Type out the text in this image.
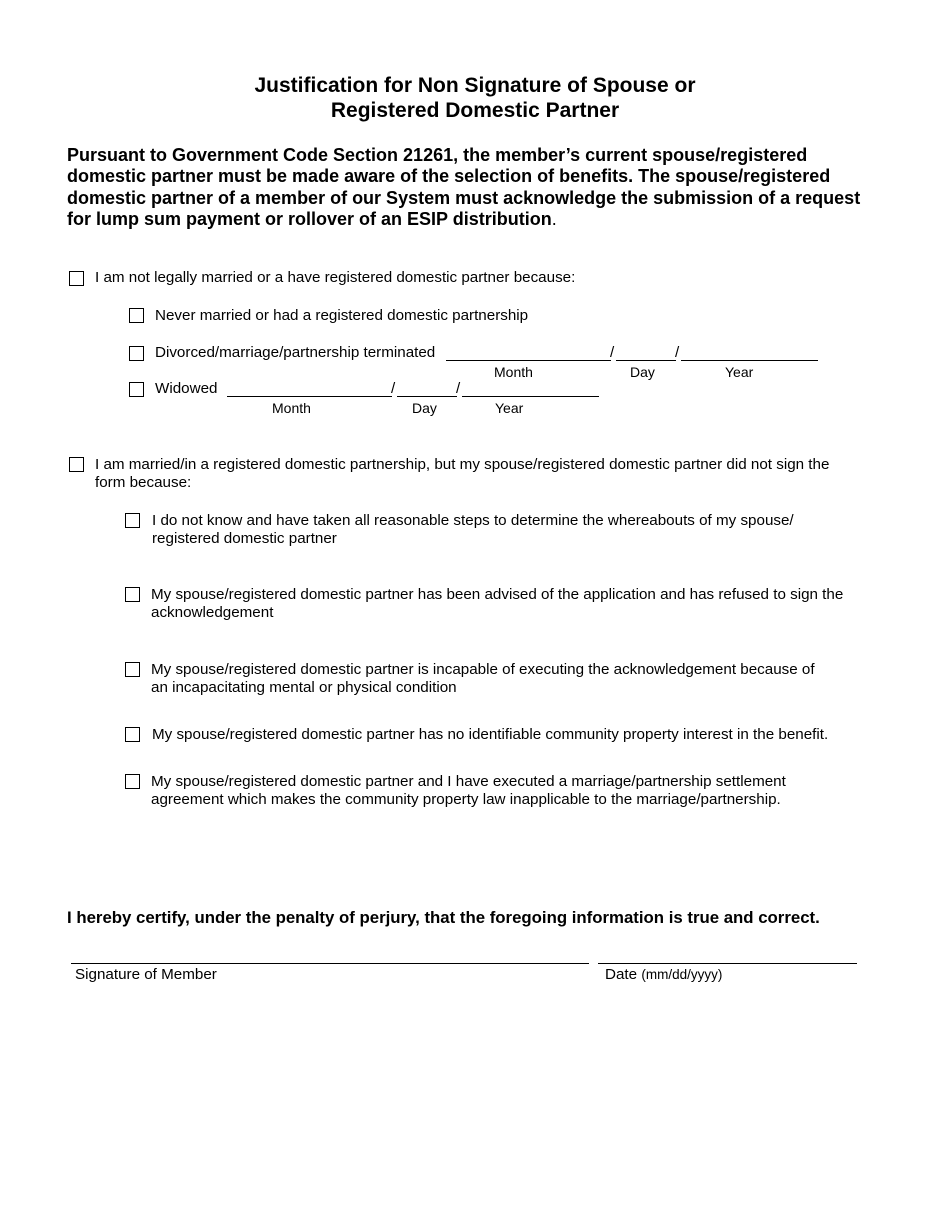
Justification for Non Signature of Spouse or
Registered Domestic Partner
Pursuant to Government Code Section 21261, the member’s current spouse/registered domestic partner must be made aware of the selection of benefits. The spouse/registered domestic partner of a member of our System must acknowledge the submission of a request for lump sum payment or rollover of an ESIP distribution.
I am not legally married or a have registered domestic partner because:
Never married or had a registered domestic partnership
Divorced/marriage/partnership terminated	/	/
Month	Day	Year
Widowed	/	/
Month	Day	Year
I am married/in a registered domestic partnership, but my spouse/registered domestic partner did not sign the form because:
I do not know and have taken all reasonable steps to determine the whereabouts of my spouse/ registered domestic partner
My spouse/registered domestic partner has been advised of the application and has refused to sign the acknowledgement
My spouse/registered domestic partner is incapable of executing the acknowledgement because of an incapacitating mental or physical condition
My spouse/registered domestic partner has no identifiable community property interest in the benefit.
My spouse/registered domestic partner and I have executed a marriage/partnership settlement agreement which makes the community property law inapplicable to the marriage/partnership.
I hereby certify, under the penalty of perjury, that the foregoing information is true and correct.
Signature of Member	Date (mm/dd/yyyy)
